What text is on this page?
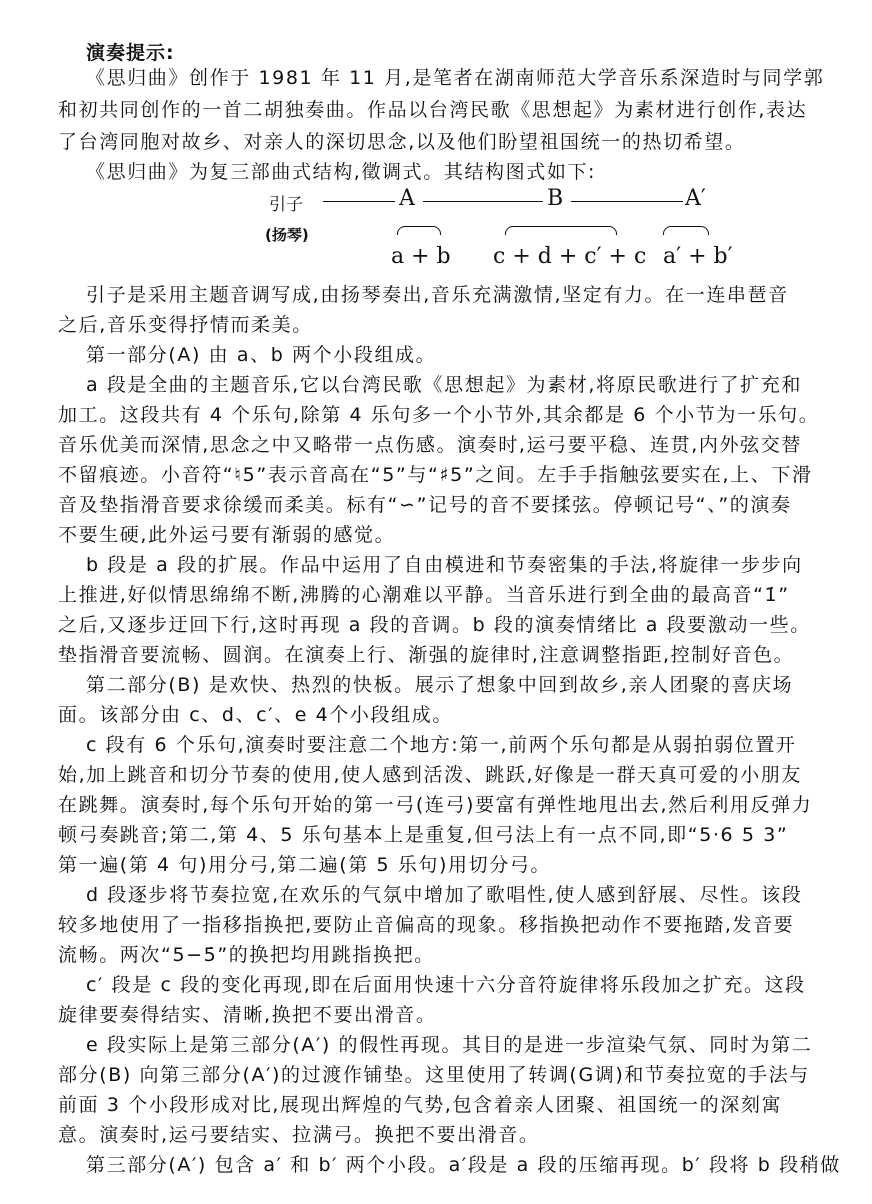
演奏提示:
《思归曲》创作于 1981 年 11 月,是笔者在湖南师范大学音乐系深造时与同学郭
和初共同创作的一首二胡独奏曲。作品以台湾民歌《思想起》为素材进行创作,表达
了台湾同胞对故乡、对亲人的深切思念,以及他们盼望祖国统一的热切希望。
《思归曲》为复三部曲式结构,徵调式。其结构图式如下:
引子
(扬琴)
A	B	A′
a + b c + d + c′ + c a′ + b′
引子是采用主题音调写成,由扬琴奏出,音乐充满激情,坚定有力。在一连串琶音
之后,音乐变得抒情而柔美。
第一部分(A) 由 a、b 两个小段组成。
a 段是全曲的主题音乐,它以台湾民歌《思想起》为素材,将原民歌进行了扩充和
加工。这段共有 4 个乐句,除第 4 乐句多一个小节外,其余都是 6 个小节为一乐句。
音乐优美而深情,思念之中又略带一点伤感。演奏时,运弓要平稳、连贯,内外弦交替
不留痕迹。小音符“♮5”表示音高在“5”与“♯5”之间。左手手指触弦要实在,上、下滑
音及垫指滑音要求徐缓而柔美。标有“∽”记号的音不要揉弦。停顿记号“、”的演奏
不要生硬,此外运弓要有渐弱的感觉。
b 段是 a 段的扩展。作品中运用了自由模进和节奏密集的手法,将旋律一步步向
上推进,好似情思绵绵不断,沸腾的心潮难以平静。当音乐进行到全曲的最高音“1̇”
之后,又逐步迂回下行,这时再现 a 段的音调。b 段的演奏情绪比 a 段要激动一些。
垫指滑音要流畅、圆润。在演奏上行、渐强的旋律时,注意调整指距,控制好音色。
第二部分(B) 是欢快、热烈的快板。展示了想象中回到故乡,亲人团聚的喜庆场
面。该部分由 c、d、c′、e 4个小段组成。
c 段有 6 个乐句,演奏时要注意二个地方:第一,前两个乐句都是从弱拍弱位置开
始,加上跳音和切分节奏的使用,使人感到活泼、跳跃,好像是一群天真可爱的小朋友
在跳舞。演奏时,每个乐句开始的第一弓(连弓)要富有弹性地甩出去,然后利用反弹力
顿弓奏跳音;第二,第 4、5 乐句基本上是重复,但弓法上有一点不同,即“5·6 5 3”
第一遍(第 4 句)用分弓,第二遍(第 5 乐句)用切分弓。
d 段逐步将节奏拉宽,在欢乐的气氛中增加了歌唱性,使人感到舒展、尽性。该段
较多地使用了一指移指换把,要防止音偏高的现象。移指换把动作不要拖踏,发音要
流畅。两次“5−5̇”的换把均用跳指换把。
c′ 段是 c 段的变化再现,即在后面用快速十六分音符旋律将乐段加之扩充。这段
旋律要奏得结实、清晰,换把不要出滑音。
e 段实际上是第三部分(A′) 的假性再现。其目的是进一步渲染气氛、同时为第二
部分(B) 向第三部分(A′)的过渡作铺垫。这里使用了转调(G调)和节奏拉宽的手法与
前面 3 个小段形成对比,展现出辉煌的气势,包含着亲人团聚、祖国统一的深刻寓
意。演奏时,运弓要结实、拉满弓。换把不要出滑音。
第三部分(A′) 包含 a′ 和 b′ 两个小段。a′段是 a 段的压缩再现。b′ 段将 b 段稍做
